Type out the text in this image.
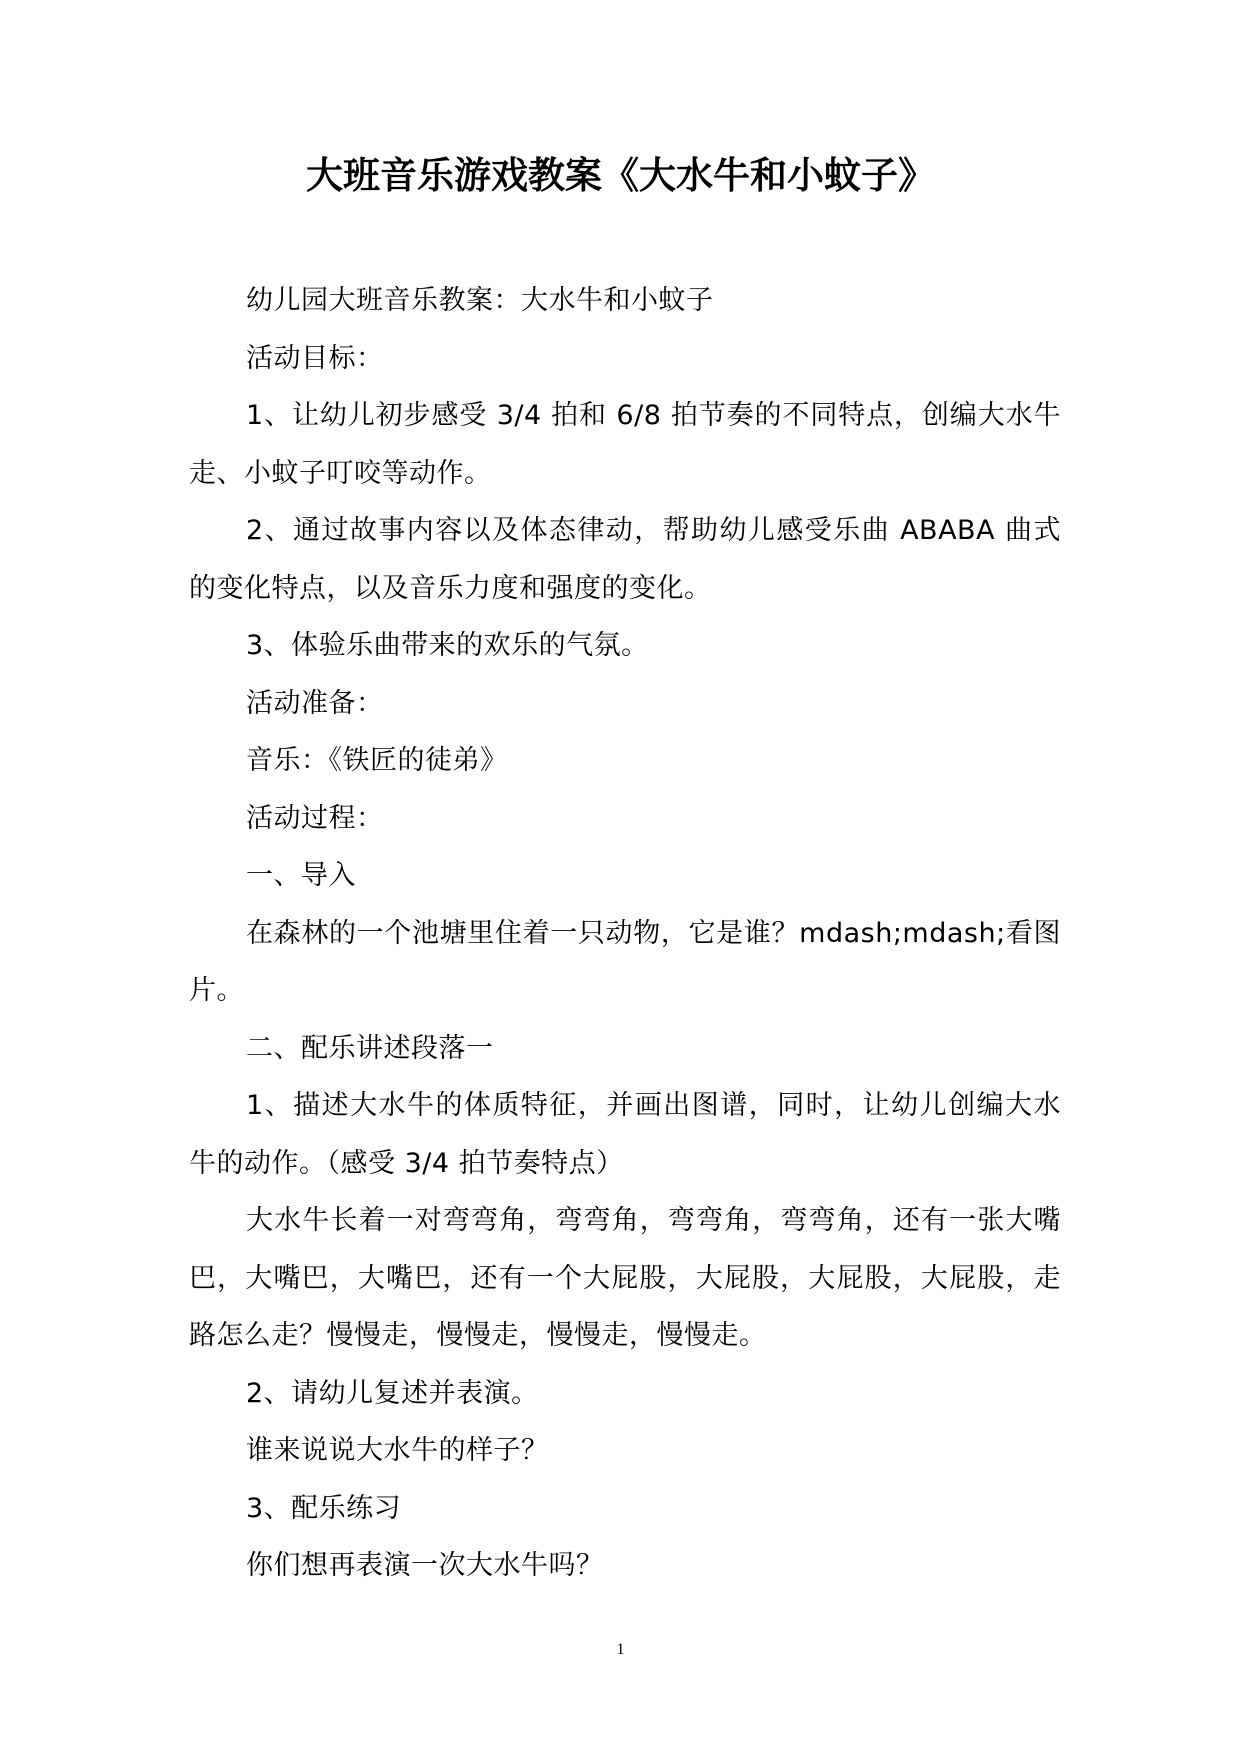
大班音乐游戏教案《大水牛和小蚊子》

幼儿园大班音乐教案：大水牛和小蚊子

活动目标：

1、让幼儿初步感受 3/4 拍和 6/8 拍节奏的不同特点，创编大水牛走、小蚊子叮咬等动作。

2、通过故事内容以及体态律动，帮助幼儿感受乐曲 ABABA 曲式的变化特点，以及音乐力度和强度的变化。

3、体验乐曲带来的欢乐的气氛。

活动准备：

音乐：《铁匠的徒弟》

活动过程：

一、导入

在森林的一个池塘里住着一只动物，它是谁？mdash;mdash;看图片。

二、配乐讲述段落一

1、描述大水牛的体质特征，并画出图谱，同时，让幼儿创编大水牛的动作。（感受 3/4 拍节奏特点）

大水牛长着一对弯弯角，弯弯角，弯弯角，弯弯角，还有一张大嘴巴，大嘴巴，大嘴巴，还有一个大屁股，大屁股，大屁股，大屁股，走路怎么走？慢慢走，慢慢走，慢慢走，慢慢走。

2、请幼儿复述并表演。

谁来说说大水牛的样子？

3、配乐练习

你们想再表演一次大水牛吗？

1
